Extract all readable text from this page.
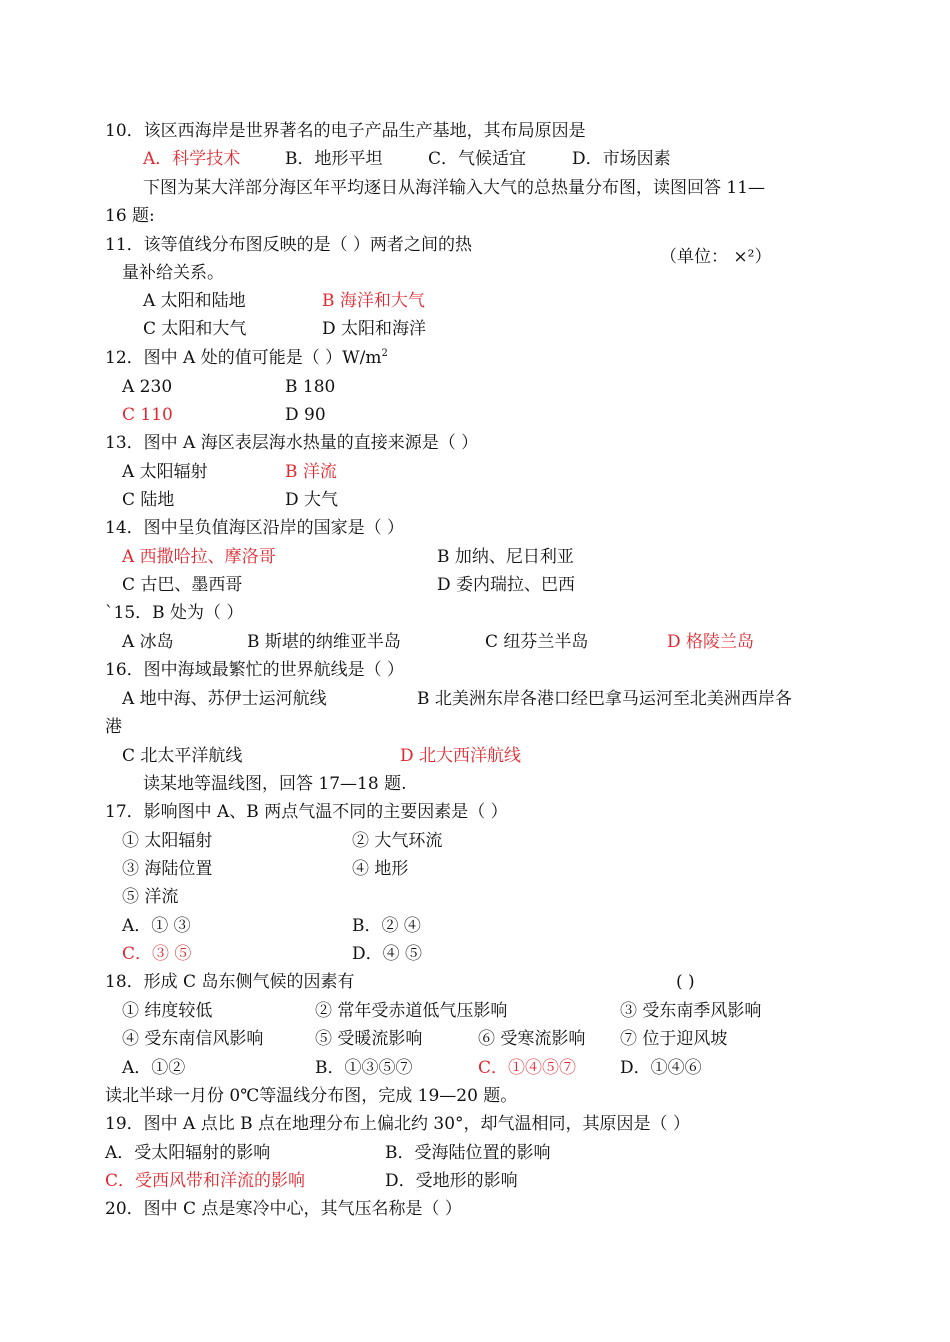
10．该区西海岸是世界著名的电子产品生产基地，其布局原因是
A．科学技术	B．地形平坦	C．气候适宜	D．市场因素
下图为某大洋部分海区年平均逐日从海洋输入大气的总热量分布图，读图回答 11—
16 题:
11．该等值线分布图反映的是（ ）两者之间的热
（单位： ×²）
量补给关系。
A 太阳和陆地	B 海洋和大气
C 太阳和大气	D 太阳和海洋
12．图中 A 处的值可能是（ ）$W/m^2$
A 230	B 180
C 110	D 90
13．图中 A 海区表层海水热量的直接来源是（ ）
A 太阳辐射	B 洋流
C 陆地	D 大气
14．图中呈负值海区沿岸的国家是（ ）
A 西撒哈拉、摩洛哥	B 加纳、尼日利亚
C 古巴、墨西哥	D 委内瑞拉、巴西
`15．B 处为（ ）
A 冰岛	B 斯堪的纳维亚半岛	C 纽芬兰半岛	D 格陵兰岛
16．图中海域最繁忙的世界航线是（ ）
A 地中海、苏伊士运河航线	B 北美洲东岸各港口经巴拿马运河至北美洲西岸各
港
C 北太平洋航线	D 北大西洋航线
读某地等温线图，回答 17—18 题.
17．影响图中 A、B 两点气温不同的主要因素是（ ）
① 太阳辐射	② 大气环流
③ 海陆位置	④ 地形
⑤ 洋流
A．① ③	B．② ④
C．③ ⑤	D．④ ⑤
18．形成 C 岛东侧气候的因素有	( )
① 纬度较低	② 常年受赤道低气压影响	③ 受东南季风影响
④ 受东南信风影响	⑤ 受暖流影响	⑥ 受寒流影响 ⑦ 位于迎风坡
A．①②	B．①③⑤⑦	C．①④⑤⑦	D．①④⑥
读北半球一月份 0℃等温线分布图，完成 19—20 题。
19．图中 A 点比 B 点在地理分布上偏北约 30°，却气温相同，其原因是（ ）
A．受太阳辐射的影响	B．受海陆位置的影响
C．受西风带和洋流的影响	D．受地形的影响
20．图中 C 点是寒冷中心，其气压名称是（ ）
